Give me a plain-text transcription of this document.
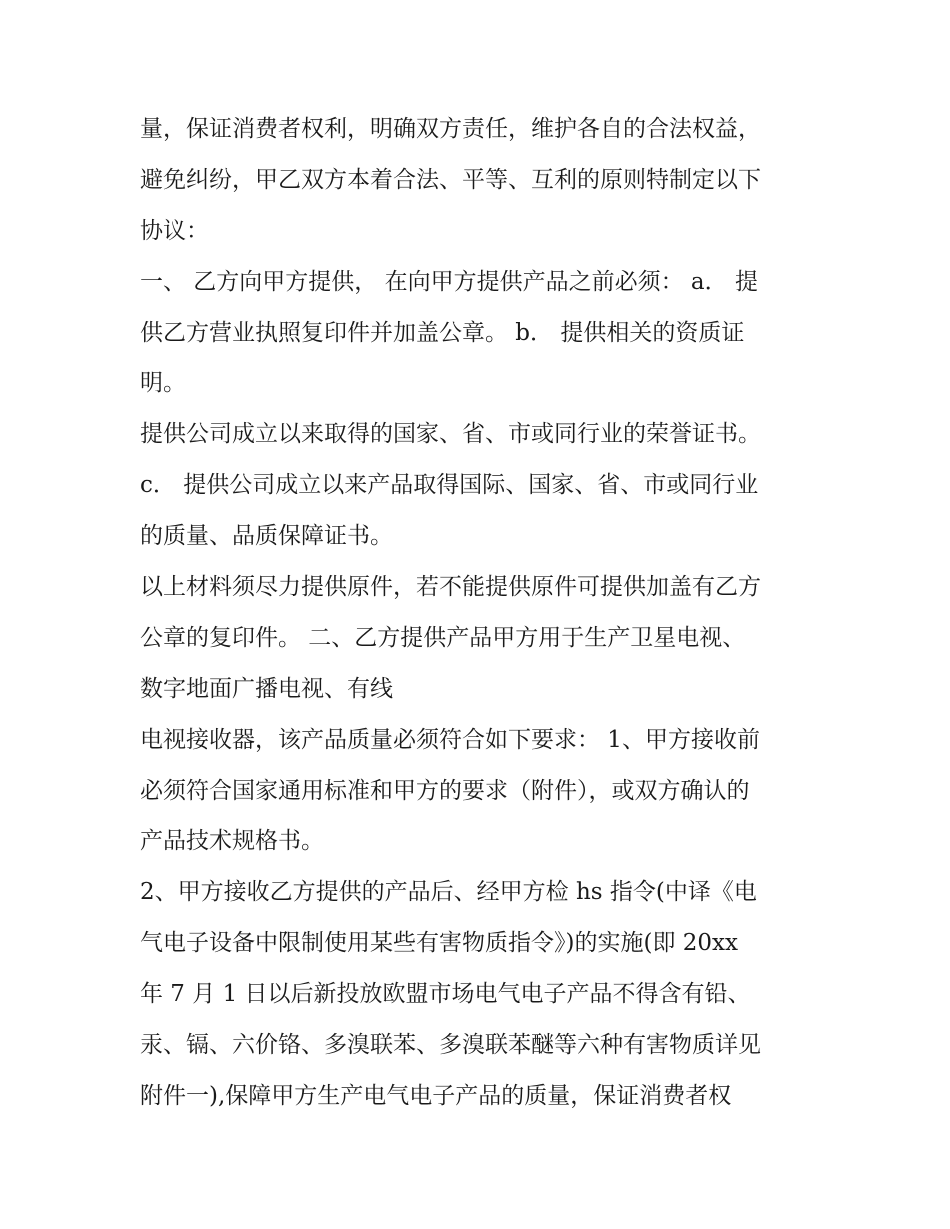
量，保证消费者权利，明确双方责任，维护各自的合法权益，
避免纠纷，甲乙双方本着合法、平等、互利的原则特制定以下
协议：
一、 乙方向甲方提供， 在向甲方提供产品之前必须： a． 提
供乙方营业执照复印件并加盖公章。 b． 提供相关的资质证
明。
提供公司成立以来取得的国家、省、市或同行业的荣誉证书。
c． 提供公司成立以来产品取得国际、国家、省、市或同行业
的质量、品质保障证书。
以上材料须尽力提供原件，若不能提供原件可提供加盖有乙方
公章的复印件。 二、乙方提供产品甲方用于生产卫星电视、
数字地面广播电视、有线
电视接收器，该产品质量必须符合如下要求： 1、甲方接收前
必须符合国家通用标准和甲方的要求（附件），或双方确认的
产品技术规格书。
2、甲方接收乙方提供的产品后、经甲方检 hs 指令(中译《电
气电子设备中限制使用某些有害物质指令》)的实施(即 20xx
年 7 月 1 日以后新投放欧盟市场电气电子产品不得含有铅、
汞、镉、六价铬、多溴联苯、多溴联苯醚等六种有害物质详见
附件一),保障甲方生产电气电子产品的质量，保证消费者权
